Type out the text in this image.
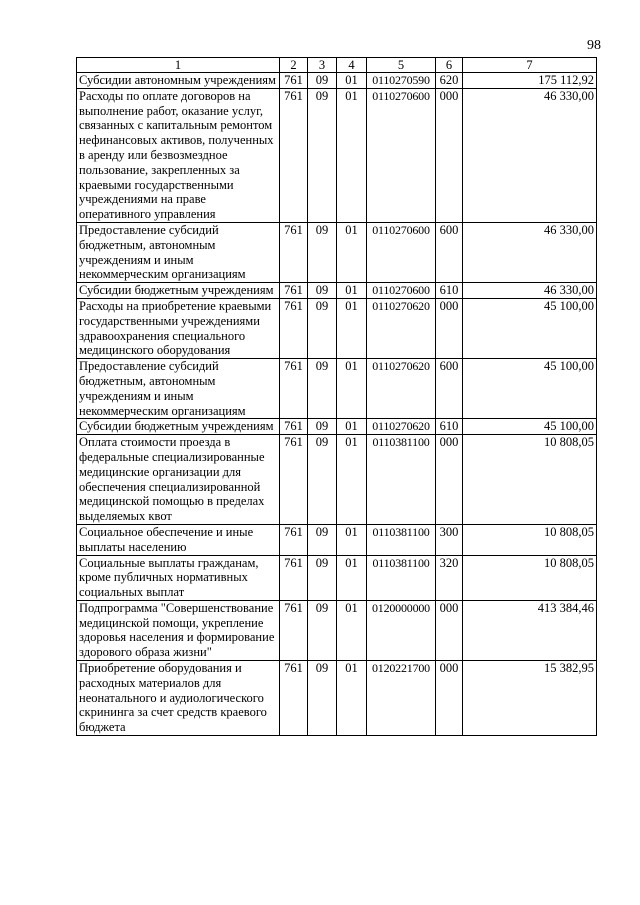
98
1	2	3	4	5	6	7
Субсидии автономным учреждениям	761	09	01	0110270590	620	175 112,92
Расходы по оплате договоров на выполнение работ, оказание услуг, связанных с капитальным ремонтом нефинансовых активов, полученных в аренду или безвозмездное пользование, закрепленных за краевыми государственными учреждениями на праве оперативного управления	761	09	01	0110270600	000	46 330,00
Предоставление субсидий бюджетным, автономным учреждениям и иным некоммерческим организациям	761	09	01	0110270600	600	46 330,00
Субсидии бюджетным учреждениям	761	09	01	0110270600	610	46 330,00
Расходы на приобретение краевыми государственными учреждениями здравоохранения специального медицинского оборудования	761	09	01	0110270620	000	45 100,00
Предоставление субсидий бюджетным, автономным учреждениям и иным некоммерческим организациям	761	09	01	0110270620	600	45 100,00
Субсидии бюджетным учреждениям	761	09	01	0110270620	610	45 100,00
Оплата стоимости проезда в федеральные специализированные медицинские организации для обеспечения специализированной медицинской помощью в пределах выделяемых квот	761	09	01	0110381100	000	10 808,05
Социальное обеспечение и иные выплаты населению	761	09	01	0110381100	300	10 808,05
Социальные выплаты гражданам, кроме публичных нормативных социальных выплат	761	09	01	0110381100	320	10 808,05
Подпрограмма "Совершенствование медицинской помощи, укрепление здоровья населения и формирование здорового образа жизни"	761	09	01	0120000000	000	413 384,46
Приобретение оборудования и расходных материалов для неонатального и аудиологического скрининга за счет средств краевого бюджета	761	09	01	0120221700	000	15 382,95
